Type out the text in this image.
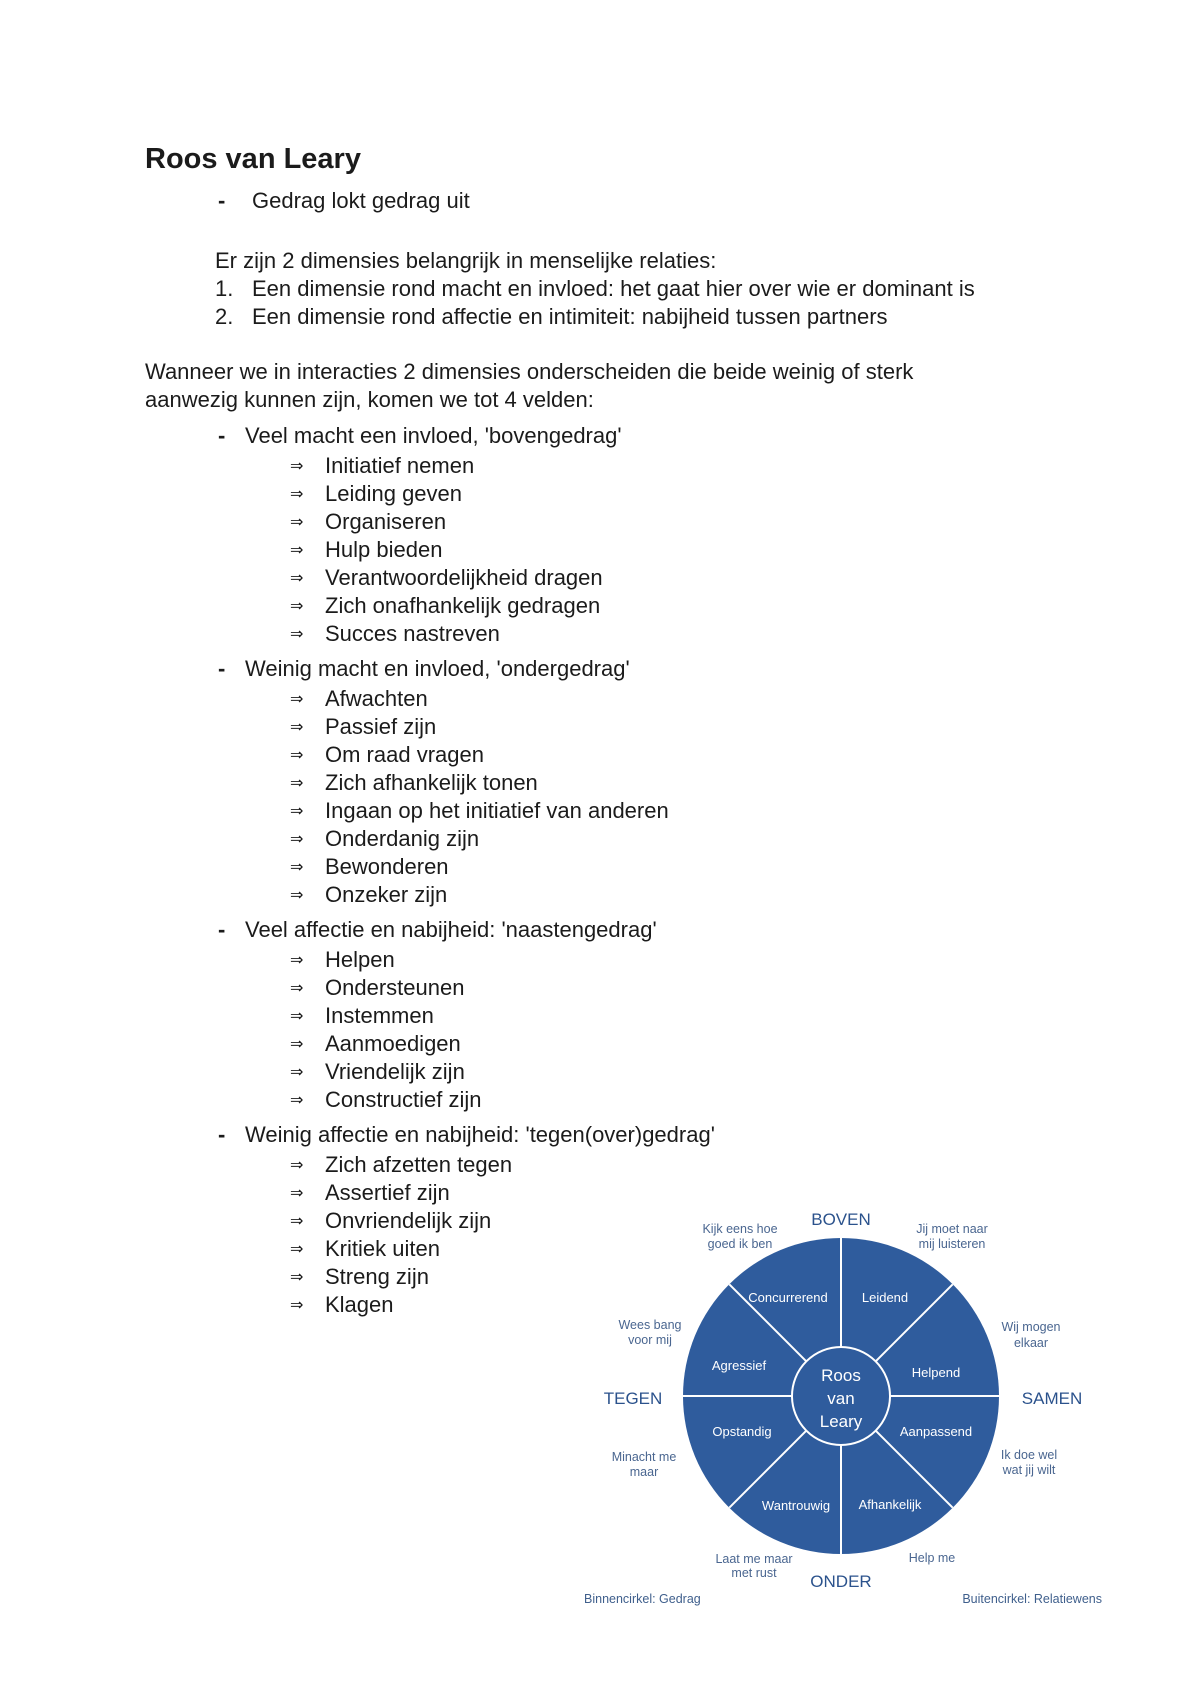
Roos van Leary
- Gedrag lokt gedrag uit
Er zijn 2 dimensies belangrijk in menselijke relaties:
1. Een dimensie rond macht en invloed: het gaat hier over wie er dominant is
2. Een dimensie rond affectie en intimiteit: nabijheid tussen partners
Wanneer we in interacties 2 dimensies onderscheiden die beide weinig of sterk
aanwezig kunnen zijn, komen we tot 4 velden:
- Veel macht een invloed, 'bovengedrag'
⇒ Initiatief nemen
⇒ Leiding geven
⇒ Organiseren
⇒ Hulp bieden
⇒ Verantwoordelijkheid dragen
⇒ Zich onafhankelijk gedragen
⇒ Succes nastreven
- Weinig macht en invloed, 'ondergedrag'
⇒ Afwachten
⇒ Passief zijn
⇒ Om raad vragen
⇒ Zich afhankelijk tonen
⇒ Ingaan op het initiatief van anderen
⇒ Onderdanig zijn
⇒ Bewonderen
⇒ Onzeker zijn
- Veel affectie en nabijheid: 'naastengedrag'
⇒ Helpen
⇒ Ondersteunen
⇒ Instemmen
⇒ Aanmoedigen
⇒ Vriendelijk zijn
⇒ Constructief zijn
- Weinig affectie en nabijheid: 'tegen(over)gedrag'
⇒ Zich afzetten tegen
⇒ Assertief zijn
⇒ Onvriendelijk zijn
⇒ Kritiek uiten
⇒ Streng zijn
⇒ Klagen
Roos
van
Leary
Concurrerend	Leidend
Helpend
Aanpassend
Afhankelijk
Wantrouwig
Opstandig
Agressief
BOVEN
ONDER
TEGEN	SAMEN
Kijk eens hoe
goed ik ben
Jij moet naar
mij luisteren
Wij mogen
elkaar
Ik doe wel
wat jij wilt
Help me
Laat me maar
met rust
Minacht me
maar
Wees bang
voor mij
Binnencirkel: Gedrag	Buitencirkel: Relatiewens
